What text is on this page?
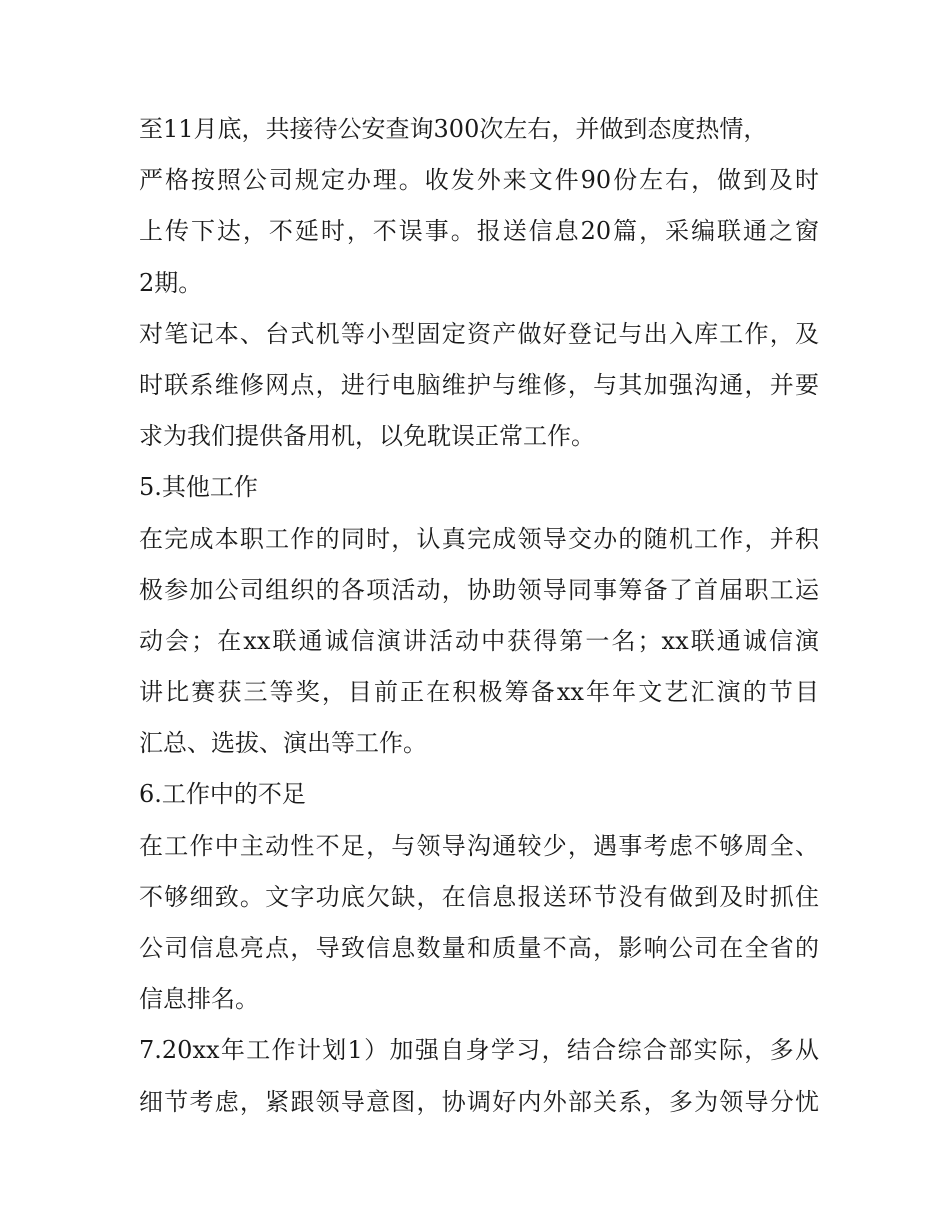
至11月底，共接待公安查询300次左右，并做到态度热情，
严格按照公司规定办理。收发外来文件90份左右，做到及时
上传下达，不延时，不误事。报送信息20篇，采编联通之窗
2期。
对笔记本、台式机等小型固定资产做好登记与出入库工作，及
时联系维修网点，进行电脑维护与维修，与其加强沟通，并要
求为我们提供备用机，以免耽误正常工作。
5.其他工作
在完成本职工作的同时，认真完成领导交办的随机工作，并积
极参加公司组织的各项活动，协助领导同事筹备了首届职工运
动会；在xx联通诚信演讲活动中获得第一名；xx联通诚信演
讲比赛获三等奖，目前正在积极筹备xx年年文艺汇演的节目
汇总、选拔、演出等工作。
6.工作中的不足
在工作中主动性不足，与领导沟通较少，遇事考虑不够周全、
不够细致。文字功底欠缺，在信息报送环节没有做到及时抓住
公司信息亮点，导致信息数量和质量不高，影响公司在全省的
信息排名。
7.20xx年工作计划1）加强自身学习，结合综合部实际，多从
细节考虑，紧跟领导意图，协调好内外部关系，多为领导分忧
